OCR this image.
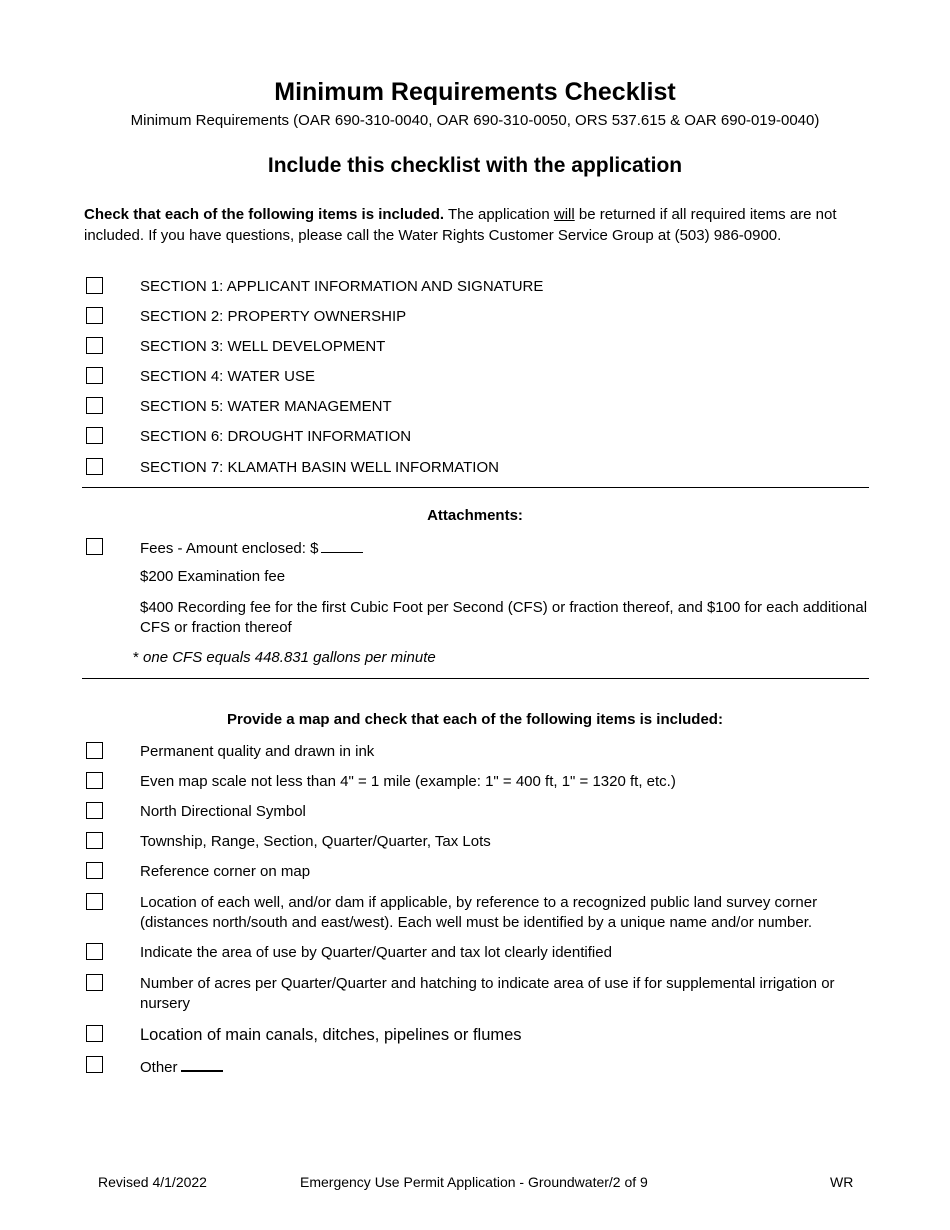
Minimum Requirements Checklist
Minimum Requirements (OAR 690-310-0040, OAR 690-310-0050, ORS 537.615 & OAR 690-019-0040)
Include this checklist with the application
Check that each of the following items is included. The application will be returned if all required items are not included. If you have questions, please call the Water Rights Customer Service Group at (503) 986-0900.
SECTION 1: APPLICANT INFORMATION AND SIGNATURE
SECTION 2: PROPERTY OWNERSHIP
SECTION 3: WELL DEVELOPMENT
SECTION 4: WATER USE
SECTION 5: WATER MANAGEMENT
SECTION 6: DROUGHT INFORMATION
SECTION 7: KLAMATH BASIN WELL INFORMATION
Attachments:
Fees - Amount enclosed: $
$200 Examination fee
$400 Recording fee for the first Cubic Foot per Second (CFS) or fraction thereof, and $100 for each additional CFS or fraction thereof
* one CFS equals 448.831 gallons per minute
Provide a map and check that each of the following items is included:
Permanent quality and drawn in ink
Even map scale not less than 4" = 1 mile (example: 1" = 400 ft, 1" = 1320 ft, etc.)
North Directional Symbol
Township, Range, Section, Quarter/Quarter, Tax Lots
Reference corner on map
Location of each well, and/or dam if applicable, by reference to a recognized public land survey corner (distances north/south and east/west). Each well must be identified by a unique name and/or number.
Indicate the area of use by Quarter/Quarter and tax lot clearly identified
Number of acres per Quarter/Quarter and hatching to indicate area of use if for supplemental irrigation or nursery
Location of main canals, ditches, pipelines or flumes
Other
Revised 4/1/2022	Emergency Use Permit Application - Groundwater/2 of 9	WR
